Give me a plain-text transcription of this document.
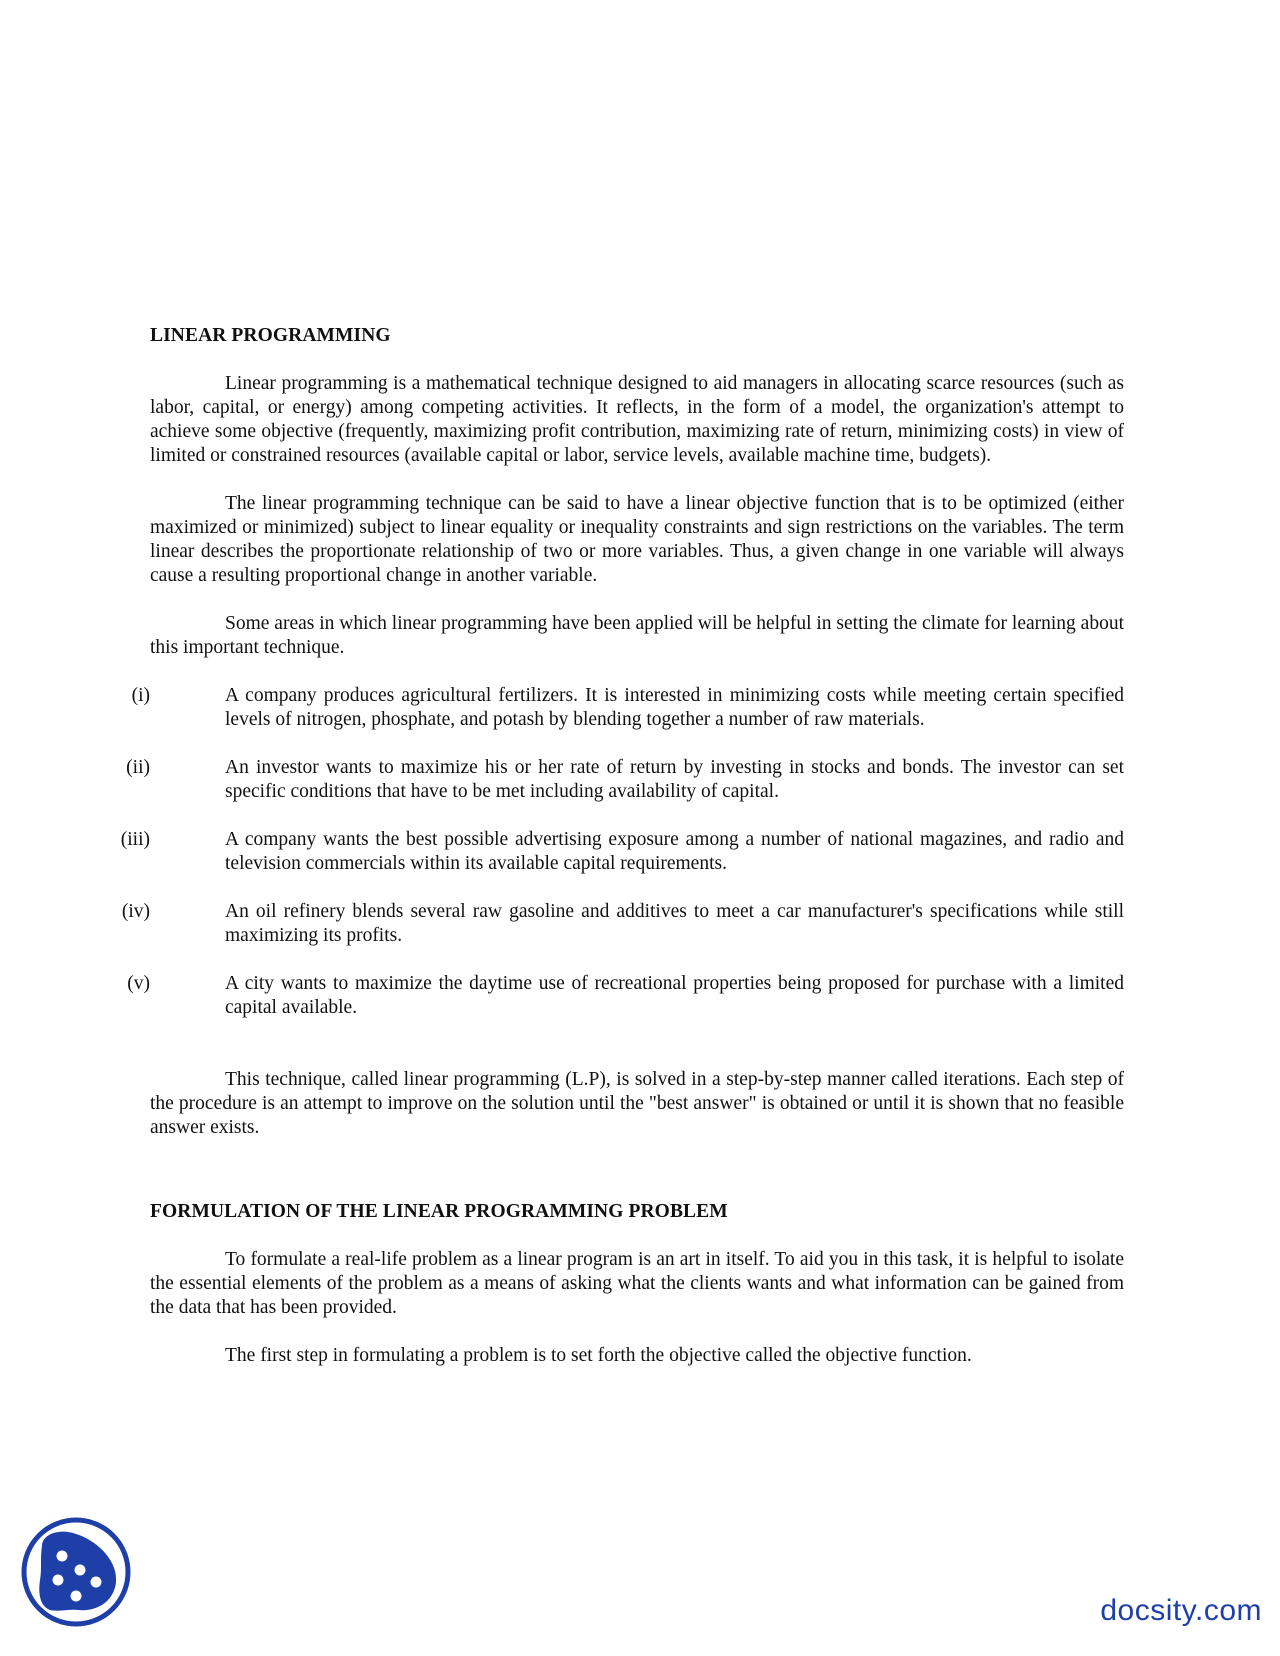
LINEAR PROGRAMMING

Linear programming is a mathematical technique designed to aid managers in allocating scarce resources (such as labor, capital, or energy) among competing activities. It reflects, in the form of a model, the organization's attempt to achieve some objective (frequently, maximizing profit contribution, maximizing rate of return, minimizing costs) in view of limited or constrained resources (available capital or labor, service levels, available machine time, budgets).

The linear programming technique can be said to have a linear objective function that is to be optimized (either maximized or minimized) subject to linear equality or inequality constraints and sign restrictions on the variables. The term linear describes the proportionate relationship of two or more variables. Thus, a given change in one variable will always cause a resulting proportional change in another variable.

Some areas in which linear programming have been applied will be helpful in setting the climate for learning about this important technique.

(i)	A company produces agricultural fertilizers. It is interested in minimizing costs while meeting certain specified levels of nitrogen, phosphate, and potash by blending together a number of raw materials.
(ii)	An investor wants to maximize his or her rate of return by investing in stocks and bonds. The investor can set specific conditions that have to be met including availability of capital.
(iii)	A company wants the best possible advertising exposure among a number of national magazines, and radio and television commercials within its available capital requirements.
(iv)	An oil refinery blends several raw gasoline and additives to meet a car manufacturer's specifications while still maximizing its profits.
(v)	A city wants to maximize the daytime use of recreational properties being proposed for purchase with a limited capital available.

This technique, called linear programming (L.P), is solved in a step-by-step manner called iterations. Each step of the procedure is an attempt to improve on the solution until the "best answer" is obtained or until it is shown that no feasible answer exists.

FORMULATION OF THE LINEAR PROGRAMMING PROBLEM

To formulate a real-life problem as a linear program is an art in itself. To aid you in this task, it is helpful to isolate the essential elements of the problem as a means of asking what the clients wants and what information can be gained from the data that has been provided.

The first step in formulating a problem is to set forth the objective called the objective function.

docsity.com
